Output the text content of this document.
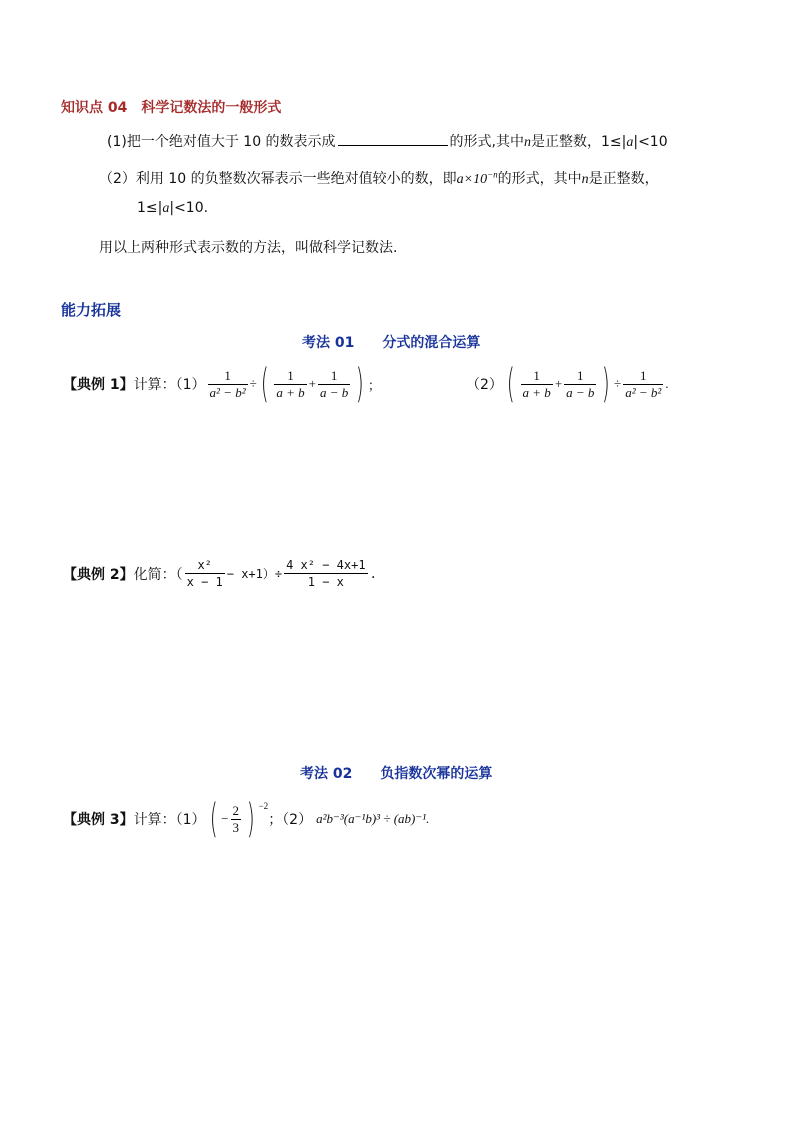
知识点 04　科学记数法的一般形式
(1)把一个绝对值大于 10 的数表示成	的形式,其中n是正整数，1≤|a|<10
（2）利用 10 的负整数次幂表示一些绝对值较小的数，即$a\times 10^{-n}$的形式，其中n是正整数，
1≤|a|<10.
用以上两种形式表示数的方法，叫做科学记数法.
能力拓展
考法 01　　分式的混合运算
【典例 1】 计算：$(1) \frac{1}{\text{a² − b²}}$ ÷ ( $\frac{1}{a + b} + \frac{1}{a - b}$ ) ；	（2） ( $\frac{1}{a + b} + \frac{1}{a - b}$ ) ÷ $\frac{1}{\text{a² − b²}}$ .
【典例 2】 化简：（ $\frac{\text{x²}}{x - 1} - x+1)\div \frac{\text{4 x² − 4x+1}}{1 - x}$ .
考法 02　　负指数次幂的运算
【典例 3】 计算：（1） ( − $\frac{2}{3}$ ) $^{-2}$
；（2） a²b⁻³(a⁻¹b)³ ÷ (ab)⁻¹.
